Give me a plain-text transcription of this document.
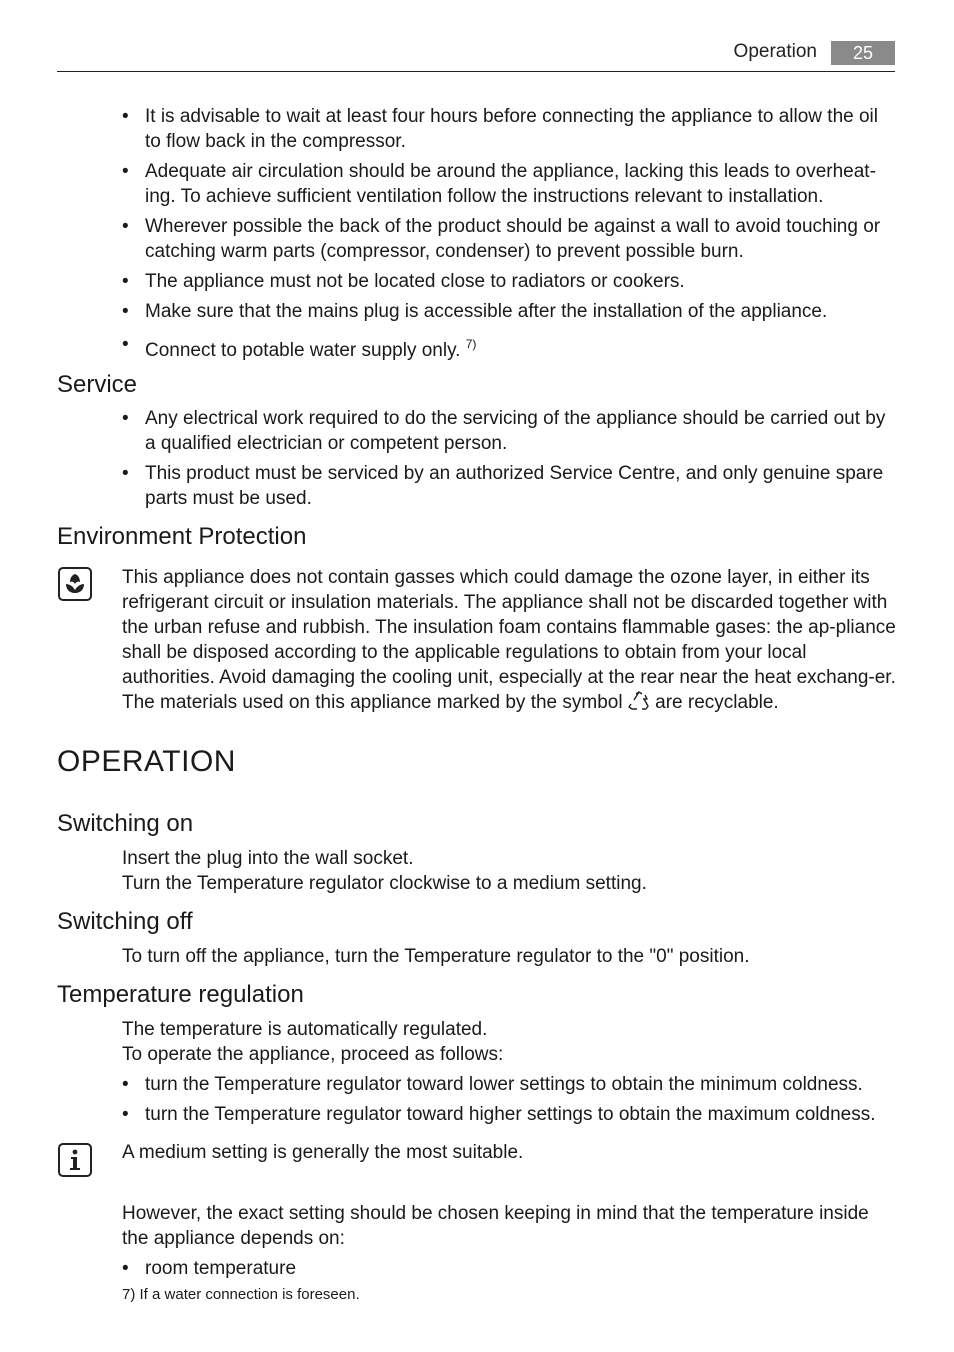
Operation	25
• It is advisable to wait at least four hours before connecting the appliance to allow the oil to flow back in the compressor.
• Adequate air circulation should be around the appliance, lacking this leads to overheat-ing. To achieve sufficient ventilation follow the instructions relevant to installation.
• Wherever possible the back of the product should be against a wall to avoid touching or catching warm parts (compressor, condenser) to prevent possible burn.
• The appliance must not be located close to radiators or cookers.
• Make sure that the mains plug is accessible after the installation of the appliance.
• Connect to potable water supply only. $^{7)}$
Service
• Any electrical work required to do the servicing of the appliance should be carried out by a qualified electrician or competent person.
• This product must be serviced by an authorized Service Centre, and only genuine spare parts must be used.
Environment Protection
This appliance does not contain gasses which could damage the ozone layer, in either its refrigerant circuit or insulation materials. The appliance shall not be discarded together with the urban refuse and rubbish. The insulation foam contains flammable gases: the ap-pliance shall be disposed according to the applicable regulations to obtain from your local authorities. Avoid damaging the cooling unit, especially at the rear near the heat exchang-er. The materials used on this appliance marked by the symbol are recyclable.
OPERATION
Switching on
Insert the plug into the wall socket.
Turn the Temperature regulator clockwise to a medium setting.
Switching off
To turn off the appliance, turn the Temperature regulator to the "0" position.
Temperature regulation
The temperature is automatically regulated.
To operate the appliance, proceed as follows:
• turn the Temperature regulator toward lower settings to obtain the minimum coldness.
• turn the Temperature regulator toward higher settings to obtain the maximum coldness.
A medium setting is generally the most suitable.
However, the exact setting should be chosen keeping in mind that the temperature inside the appliance depends on:
• room temperature
7) If a water connection is foreseen.
